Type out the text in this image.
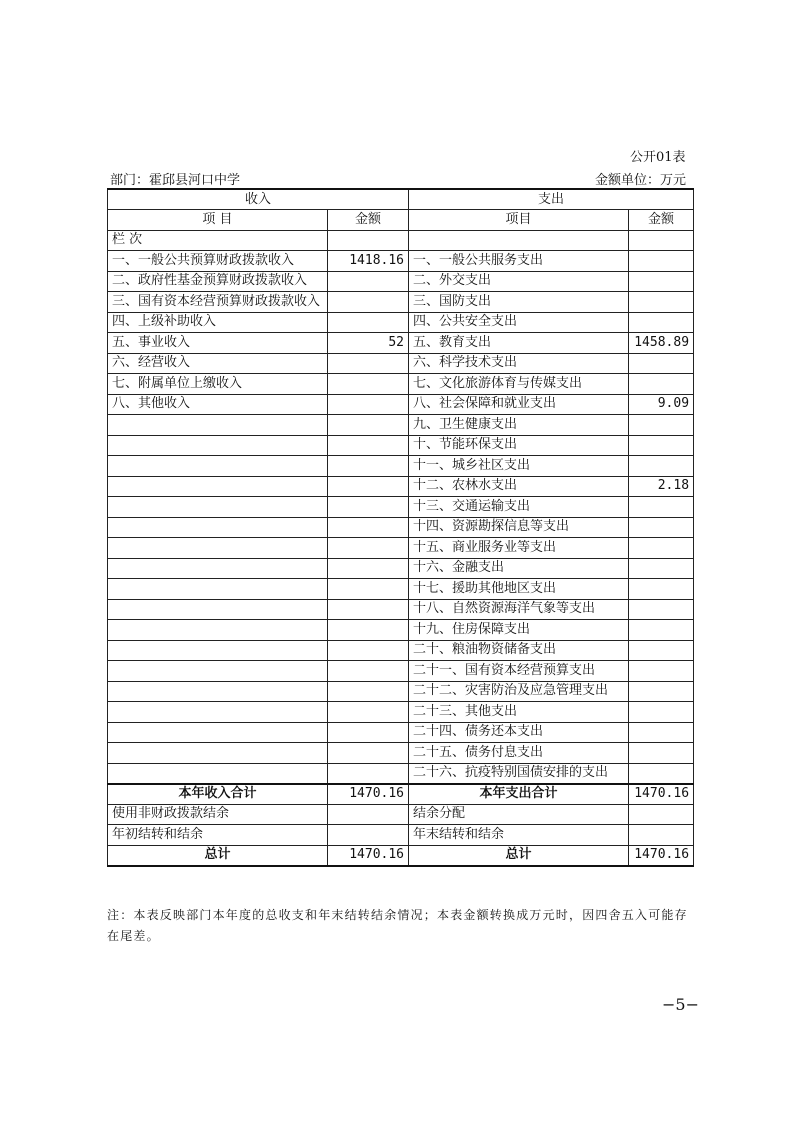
公开01表
部门：霍邱县河口中学	金额单位：万元
收入		支出	
项 目	金额	项目	金额
栏 次			
一、一般公共预算财政拨款收入	1418.16	一、一般公共服务支出	
二、政府性基金预算财政拨款收入		二、外交支出	
三、国有资本经营预算财政拨款收入		三、国防支出	
四、上级补助收入		四、公共安全支出	
五、事业收入	52	五、教育支出	1458.89
六、经营收入		六、科学技术支出	
七、附属单位上缴收入		七、文化旅游体育与传媒支出	
八、其他收入		八、社会保障和就业支出	9.09
		九、卫生健康支出	
		十、节能环保支出	
		十一、城乡社区支出	
		十二、农林水支出	2.18
		十三、交通运输支出	
		十四、资源勘探信息等支出	
		十五、商业服务业等支出	
		十六、金融支出	
		十七、援助其他地区支出	
		十八、自然资源海洋气象等支出	
		十九、住房保障支出	
		二十、粮油物资储备支出	
		二十一、国有资本经营预算支出	
		二十二、灾害防治及应急管理支出	
		二十三、其他支出	
		二十四、债务还本支出	
		二十五、债务付息支出	
		二十六、抗疫特别国债安排的支出	
本年收入合计	1470.16	本年支出合计	1470.16
使用非财政拨款结余		结余分配	
年初结转和结余		年末结转和结余	
总计	1470.16	总计	1470.16
注：本表反映部门本年度的总收支和年末结转结余情况；本表金额转换成万元时，因四舍五入可能存在尾差。
−5−
